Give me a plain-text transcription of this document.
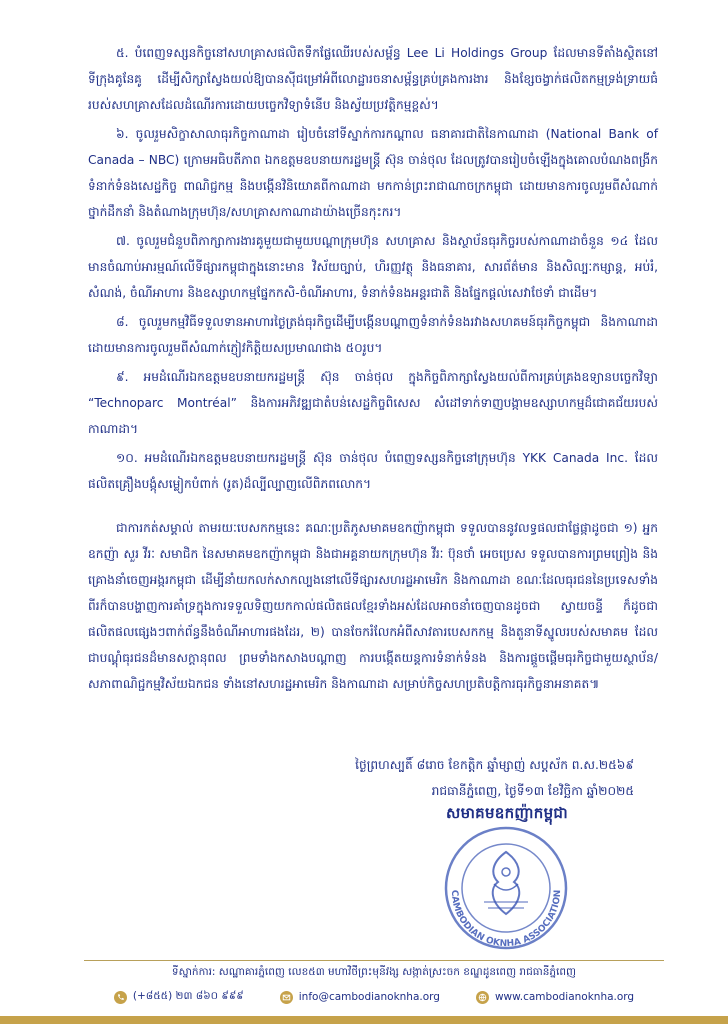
៥. បំពេញទស្សនកិច្ចនៅសហគ្រាសផលិតទឹកផ្លែឈើរបស់សម្ព័ន្ធ Lee Li Holdings Group ដែលមានទីតាំងស្ថិតនៅទីក្រុងគូនែគូ ដើម្បីសិក្សាស្វែងយល់ឱ្យបានស៊ីជម្រៅអំពីលោដ្ឋារចនាសម្ព័ន្ធគ្រប់គ្រងការងារ និងខ្សែចង្វាក់ផលិតកម្មទ្រង់ទ្រាយធំរបស់សហគ្រាសដែលដំណើរការដោយបច្ចេកវិទ្យាទំនើប និងស្វ័យប្រវត្តិកម្មខ្ពស់។

៦. ចូលរួមសិក្ខាសាលាធុរកិច្ចកាណាដា រៀបចំនៅទីស្នាក់ការកណ្តាល ធនាគារជាតិនៃកាណាដា (National Bank of Canada – NBC) ក្រោមអធិបតីភាព ឯកឧត្តមឧបនាយករដ្ឋមន្ត្រី ស៊ុន ចាន់ថុល ដែលត្រូវបានរៀបចំឡើងក្នុងគោលបំណងពង្រីកទំនាក់ទំនងសេដ្ឋកិច្ច ពាណិជ្ជកម្ម និងបង្កើនវិនិយោគពីកាណាដា មកកាន់ព្រះរាជាណាចក្រកម្ពុជា ដោយមានការចូលរួមពីសំណាក់ ថ្នាក់ដឹកនាំ និងតំណាងក្រុមហ៊ុន/សហគ្រាសកាណាដាយ៉ាងច្រើនកុះករ។

៧. ចូលរួមជំនួបពិភាក្សាការងារគូមួយជាមួយបណ្តាក្រុមហ៊ុន សហគ្រាស និងស្ថាប័នធុរកិច្ចរបស់កាណាដាចំនួន ១៤ ដែលមានចំណាប់អារម្មណ៍លើទីផ្សារកម្ពុជាក្នុងនោះមាន វិស័យច្បាប់, ហិរញ្ញវត្ថុ និងធនាគារ, សារព័ត៌មាន និងសិល្បៈកម្សាន្ត, អប់រំ, សំណង់, ចំណីអាហារ និងឧស្សាហកម្មផ្នែកកសិ-ចំណីអាហារ, ទំនាក់ទំនងអន្តរជាតិ និងផ្នែកផ្តល់សេវាថែទាំ ជាដើម។

៨. ចូលរួមកម្មវិធីទទួលទានអាហារថ្ងៃត្រង់ធុរកិច្ចដើម្បីបង្កើនបណ្តាញទំនាក់ទំនងរវាងសហគមន៍ធុរកិច្ចកម្ពុជា និងកាណាដាដោយមានការចូលរួមពីសំណាក់ភ្ញៀវកិត្តិយសប្រមាណជាង ៥០រូប។

៩. អមដំណើរឯកឧត្តមឧបនាយករដ្ឋមន្ត្រី ស៊ុន ចាន់ថុល ក្នុងកិច្ចពិភាក្សាស្វែងយល់ពីការគ្រប់គ្រងឧទ្យានបច្ចេកវិទ្យា “Technoparc Montréal” និងការអភិវឌ្ឍជាតំបន់សេដ្ឋកិច្ចពិសេស សំដៅទាក់ទាញបង្កាមឧស្សាហកម្មដ៏ជោគជ័យរបស់កាណាដា។

១០. អមដំណើរឯកឧត្តមឧបនាយករដ្ឋមន្ត្រី ស៊ុន ចាន់ថុល បំពេញទស្សនកិច្ចនៅក្រុមហ៊ុន YKK Canada Inc. ដែលផលិតគ្រឿងបង្កុំសម្លៀកបំពាក់ (រូត)ដ៏ល្បីល្បាញលើពិភពលោក។

ជាការកត់សម្គាល់ តាមរយៈបេសកកម្មនេះ គណៈប្រតិភូសមាគមឧកញ៉ាកម្ពុជា ទទួលបាននូវលទ្ធផលជាផ្លែផ្កាដូចជា ១) អ្នកឧកញ៉ា សួរ វីរៈ សមាជិក នៃសមាគមឧកញ៉ាកម្ពុជា និងជាអគ្គនាយកក្រុមហ៊ុន វីរៈ ប៊ុនថាំ អេចប្រេស ទទួលបានការព្រមព្រៀង និងគ្រោងនាំចេញអង្ករកម្ពុជា ដើម្បីនាំយកលក់សាកល្បងនៅលើទីផ្សារសហរដ្ឋអាមេរិក និងកាណាដា ខណៈដែលធុរជននៃប្រទេសទាំងពីរក៏បានបង្ហាញការគាំទ្រក្នុងការទទួលទិញយកកាល់ផលិតផលខ្មែរទាំងអស់ដែលអាចនាំចេញបានដូចជា ស្វាយចន្ទី ក៏ដូចជាផលិតផលផ្សេងៗពាក់ព័ន្ធនឹងចំណីអាហារផងដែរ, ២) បានចែករំលែកអំពីសាវតារបេសកកម្ម និងតួនាទីស្នូលរបស់សមាគម ដែលជាបណ្តុំធុរជនដ៏មានសក្តានុពល ព្រមទាំងកសាងបណ្តាញ ការបង្កើតយន្តការទំនាក់ទំនង និងការផ្តួចផ្តើមធុរកិច្ចជាមួយស្ថាប័ន/សភាពាណិជ្ជកម្មវិស័យឯកជន ទាំងនៅសហរដ្ឋអាមេរិក និងកាណាដា សម្រាប់កិច្ចសហប្រតិបត្តិការធុរកិច្ចនាអនាគត៕

ថ្ងៃព្រហស្បតិ៍ ៨រោច ខែកត្តិក ឆ្នាំម្សាញ់ សប្តស័ក ព.ស.២៥៦៩
រាជធានីភ្នំពេញ, ថ្ងៃទី១៣ ខែវិច្ឆិកា ឆ្នាំ២០២៥
សមាគមឧកញ៉ាកម្ពុជា
CAMBODIAN OKNHA ASSOCIATION
ទីស្នាក់ការ: សណ្ឋាគារភ្នំពេញ លេខ៥៣ មហាវិថីព្រះមុនីវង្ស សង្កាត់ស្រះចក ខណ្ឌដូនពេញ រាជធានីភ្នំពេញ
(+៨៥៥) ២៣ ៨៦០ ៩៩៩	info@cambodianoknha.org	www.cambodianoknha.org
